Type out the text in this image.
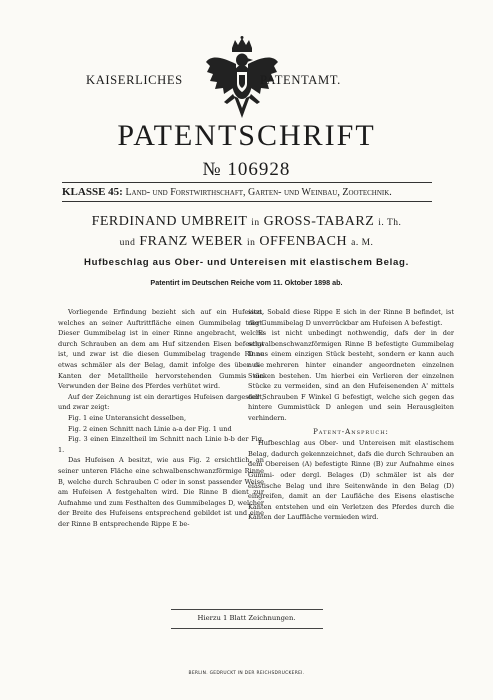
KAISERLICHES	PATENTAMT.
PATENTSCHRIFT
№ 106928
KLASSE 45: Land- und Forstwirthschaft, Garten- und Weinbau, Zootechnik.
FERDINAND UMBREIT in GROSS-TABARZ i. Th.
und FRANZ WEBER in OFFENBACH a. M.
Hufbeschlag aus Ober- und Untereisen mit elastischem Belag.
Patentirt im Deutschen Reiche vom 11. Oktober 1898 ab.

Vorliegende Erfindung bezieht sich auf ein Hufeisen, welches an seiner Auftrittfläche einen Gummibelag trägt. Dieser Gummibelag ist in einer Rinne angebracht, welche durch Schrauben an dem am Huf sitzenden Eisen befestigt ist, und zwar ist die diesen Gummibelag tragende Rinne etwas schmäler als der Belag, damit infolge des über die Kanten der Metalltheile hervorstehenden Gummis ein Verwunden der Beine des Pferdes verhütet wird.

Auf der Zeichnung ist ein derartiges Hufeisen dargestellt, und zwar zeigt:

Fig. 1 eine Unteransicht desselben,

Fig. 2 einen Schnitt nach Linie a-a der Fig. 1 und

Fig. 3 einen Einzeltheil im Schnitt nach Linie b-b der Fig. 1.

Das Hufeisen A besitzt, wie aus Fig. 2 ersichtlich, an seiner unteren Fläche eine schwalbenschwanzförmige Rinne B, welche durch Schrauben C oder in sonst passender Weise am Hufeisen A festgehalten wird. Die Rinne B dient zur Aufnahme und zum Festhalten des Gummibelages D, welcher der Breite des Hufeisens entsprechend gebildet ist und eine der Rinne B entsprechende Rippe E be-

sitzt. Sobald diese Rippe E sich in der Rinne B befindet, ist der Gummibelag D unverrückbar am Hufeisen A befestigt.

Es ist nicht unbedingt nothwendig, dafs der in der schwalbenschwanzförmigen Rinne B befestigte Gummibelag D aus einem einzigen Stück besteht, sondern er kann auch aus mehreren hinter einander angeordneten einzelnen Stücken bestehen. Um hierbei ein Verlieren der einzelnen Stücke zu vermeiden, sind an den Hufeisenenden A' mittels der Schrauben F Winkel G befestigt, welche sich gegen das hintere Gummistück D anlegen und sein Herausgleiten verhindern.

Patent-Anspruch:

Hufbeschlag aus Ober- und Untereisen mit elastischem Belag, dadurch gekennzeichnet, dafs die durch Schrauben an dem Obereisen (A) befestigte Rinne (B) zur Aufnahme eines Gummi- oder dergl. Belages (D) schmäler ist als der elastische Belag und ihre Seitenwände in den Belag (D) eingreifen, damit an der Laufläche des Eisens elastische Kanten entstehen und ein Verletzen des Pferdes durch die Kanten der Lauffläche vermieden wird.

Hierzu 1 Blatt Zeichnungen.
BERLIN. GEDRUCKT IN DER REICHSDRUCKEREI.
